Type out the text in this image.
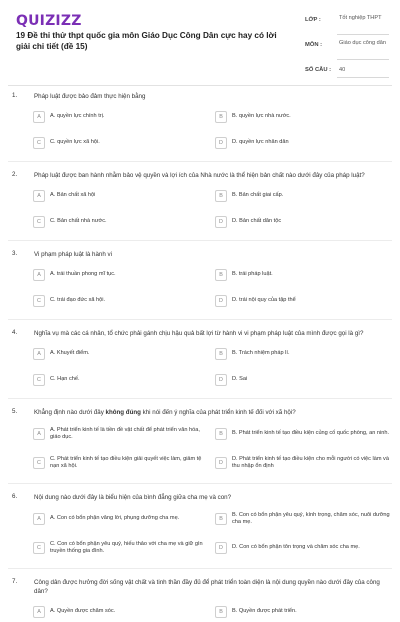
QUIZIZZ
19 Đề thi thử thpt quốc gia môn Giáo Dục Công Dân cực hay có lời giải chi tiết (đề 15)
LỚP :	Tốt nghiệp THPT
MÔN :	Giáo dục công dân
SỐ CÂU : 40
1.	Pháp luật được bảo đảm thực hiện bằng
A	A. quyền lực chính trị.	B	B. quyền lực nhà nước.
C	C. quyền lực xã hội.	D	D. quyền lực nhân dân
2.	Pháp luật được ban hành nhằm bảo vệ quyền và lợi ích của Nhà nước là thể hiện bản chất nào dưới đây của pháp luật?
A	A. Bản chất xã hội	B	B. Bản chất giai cấp.
C	C. Bản chất nhà nước.	D	D. Bản chất dân tộc
3.	Vi phạm pháp luật là hành vi
A	A. trái thuần phong mĩ tục.	B	B. trái pháp luật.
C	C. trái đạo đức xã hội.	D	D. trái nội quy của tập thể
4.	Nghĩa vụ mà các cá nhân, tổ chức phải gánh chịu hậu quả bất lợi từ hành vi vi phạm pháp luật của mình được gọi là gì?
A	A. Khuyết điểm.	B	B. Trách nhiệm pháp lí.
C	C. Hạn chế.	D	D. Sai
5.	Khẳng định nào dưới đây không đúng khi nói đến ý nghĩa của phát triển kinh tế đối với xã hội?
A
A. Phát triển kinh tế là tiền đề vật chất để phát triển văn hóa, giáo dục.	B	B. Phát triển kinh tế tạo điều kiện củng cố quốc phòng, an ninh.
C
C. Phát triển kinh tế tạo điều kiện giải quyết việc làm, giảm tệ nạn xã hội.	D
D. Phát triển kinh tế tạo điều kiện cho mỗi người có việc làm và thu nhập ổn định
6.	Nội dung nào dưới đây là biểu hiện của bình đẳng giữa cha mẹ và con?
A	A. Con có bổn phận vâng lời, phụng dưỡng cha mẹ.	B
B. Con có bổn phận yêu quý, kính trọng, chăm sóc, nuôi dưỡng cha mẹ.
C
C. Con có bổn phận yêu quý, hiếu thảo với cha mẹ và giữ gìn truyền thống gia đình.	D	D. Con có bổn phận tôn trọng và chăm sóc cha mẹ.
7.	Công dân được hưởng đời sống vật chất và tinh thần đầy đủ để phát triển toàn diện là nội dung quyền nào dưới đây của công dân?
A	A. Quyền được chăm sóc.	B	B. Quyền được phát triển.
